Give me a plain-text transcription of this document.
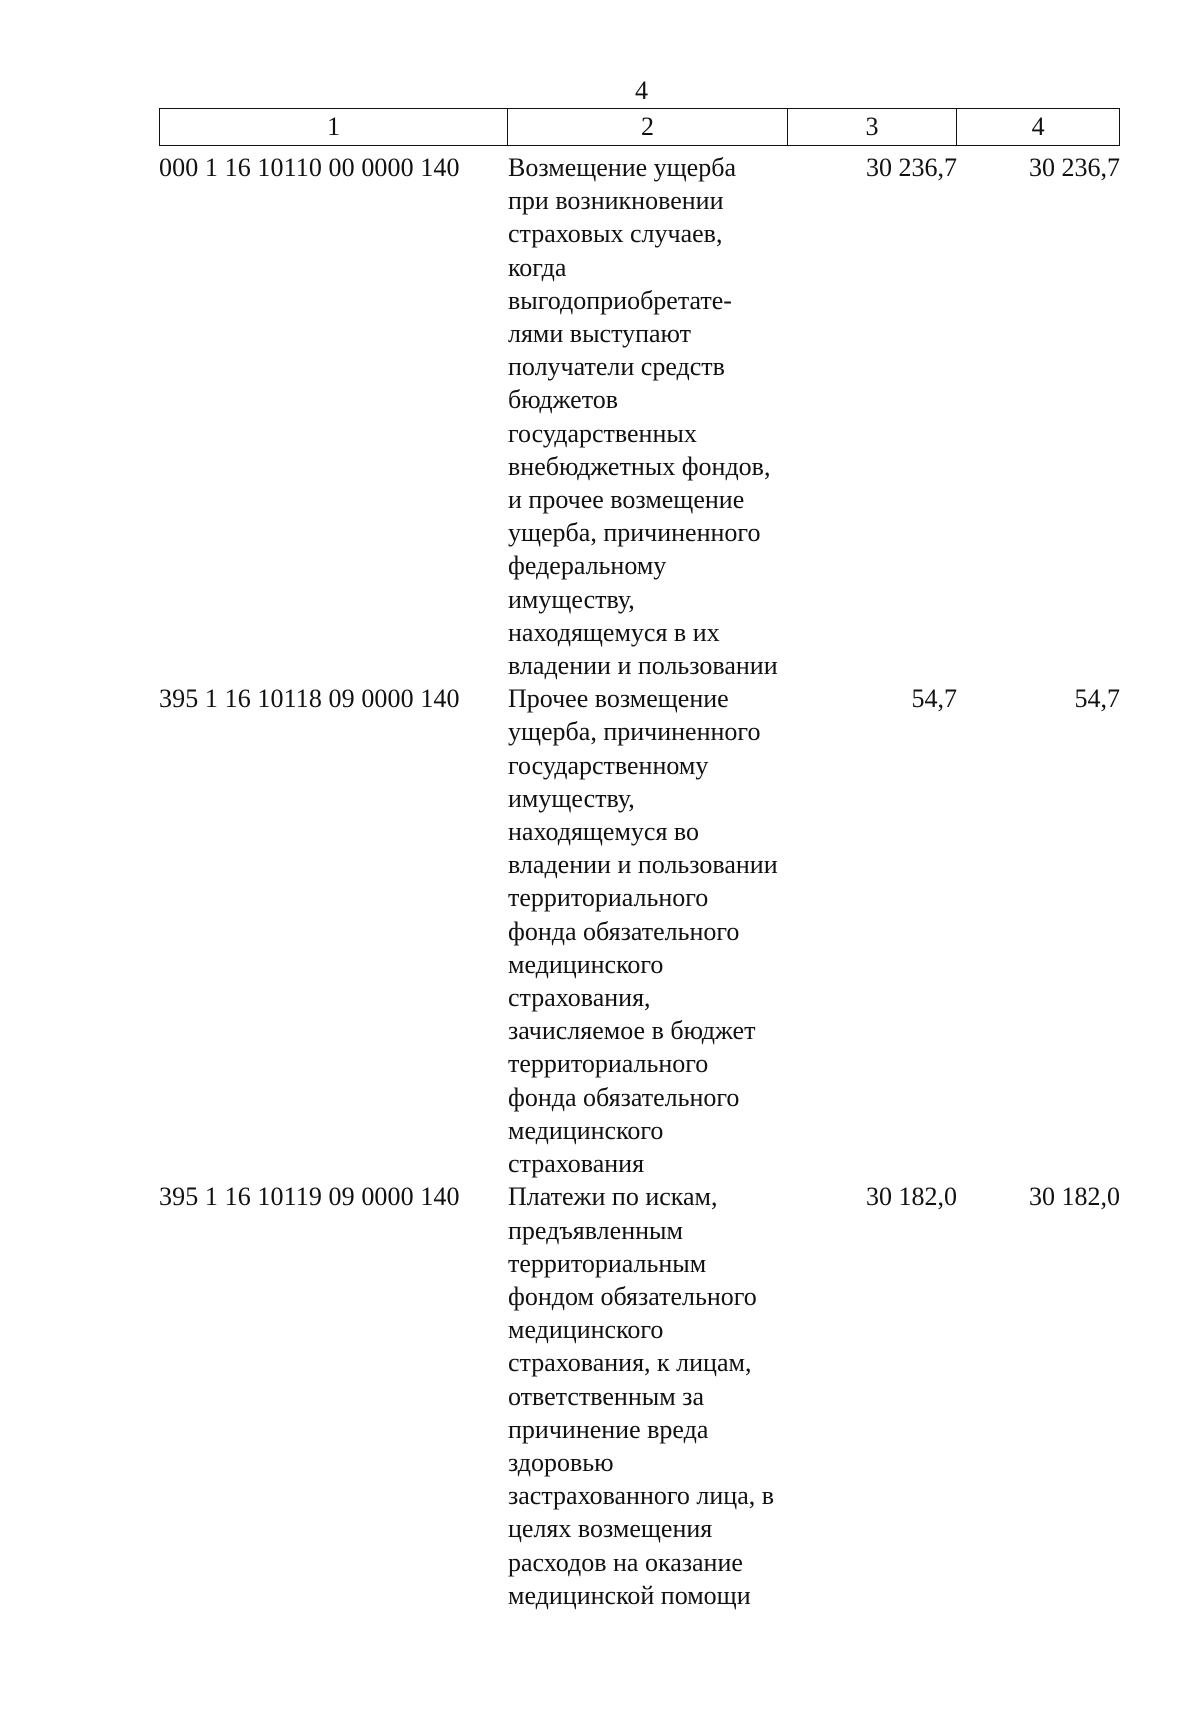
4
1	2	3	4
000 1 16 10110 00 0000 140	Возмещение ущерба
при возникновении
страховых случаев,
когда
выгодоприобретате-
лями выступают
получатели средств
бюджетов
государственных
внебюджетных фондов,
и прочее возмещение
ущерба, причиненного
федеральному
имуществу,
находящемуся в их
владении и пользовании
30 236,7	30 236,7
395 1 16 10118 09 0000 140	Прочее возмещение
ущерба, причиненного
государственному
имуществу,
находящемуся во
владении и пользовании
территориального
фонда обязательного
медицинского
страхования,
зачисляемое в бюджет
территориального
фонда обязательного
медицинского
страхования
54,7	54,7
395 1 16 10119 09 0000 140	Платежи по искам,
предъявленным
территориальным
фондом обязательного
медицинского
страхования, к лицам,
ответственным за
причинение вреда
здоровью
застрахованного лица, в
целях возмещения
расходов на оказание
медицинской помощи
30 182,0	30 182,0
